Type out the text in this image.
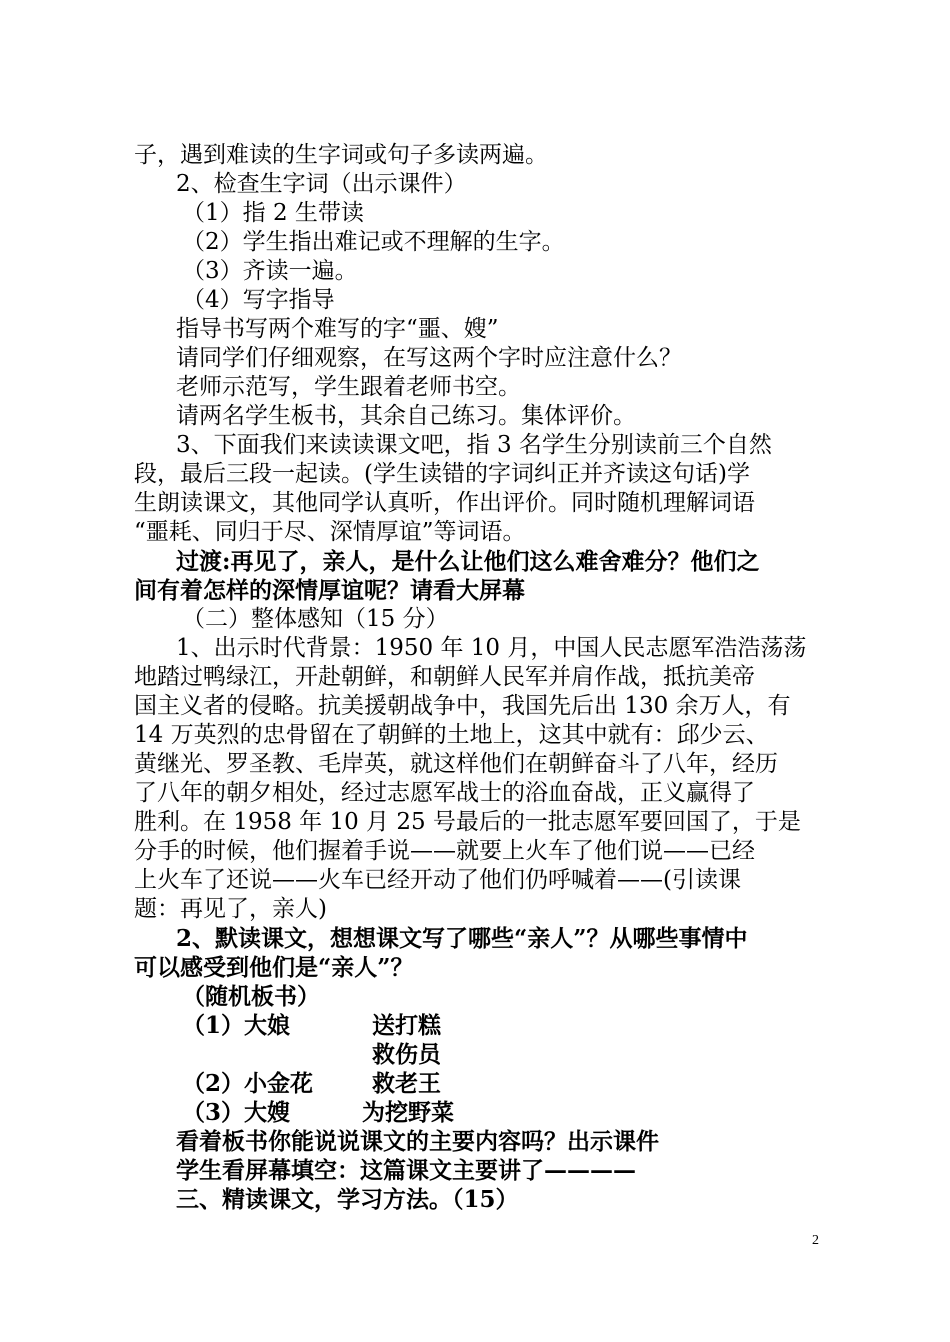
子，遇到难读的生字词或句子多读两遍。
2、检查生字词（出示课件）
（1）指 2 生带读
（2）学生指出难记或不理解的生字。
（3）齐读一遍。
（4）写字指导
指导书写两个难写的字“噩、嫂”
请同学们仔细观察，在写这两个字时应注意什么？
老师示范写，学生跟着老师书空。
请两名学生板书，其余自己练习。集体评价。
3、下面我们来读读课文吧，指 3 名学生分别读前三个自然
段，最后三段一起读。(学生读错的字词纠正并齐读这句话)学
生朗读课文，其他同学认真听，作出评价。同时随机理解词语
“噩耗、同归于尽、深情厚谊”等词语。
过渡:再见了，亲人，是什么让他们这么难舍难分？他们之
间有着怎样的深情厚谊呢？请看大屏幕
（二）整体感知（15 分）
1、出示时代背景：1950 年 10 月，中国人民志愿军浩浩荡荡
地踏过鸭绿江，开赴朝鲜，和朝鲜人民军并肩作战，抵抗美帝
国主义者的侵略。抗美援朝战争中，我国先后出 130 余万人，有
14 万英烈的忠骨留在了朝鲜的土地上，这其中就有：邱少云、
黄继光、罗圣教、毛岸英，就这样他们在朝鲜奋斗了八年，经历
了八年的朝夕相处，经过志愿军战士的浴血奋战，正义赢得了
胜利。在 1958 年 10 月 25 号最后的一批志愿军要回国了，于是
分手的时候，他们握着手说——就要上火车了他们说——已经
上火车了还说——火车已经开动了他们仍呼喊着——(引读课
题：再见了，亲人)
2、默读课文，想想课文写了哪些“亲人”？从哪些事情中
可以感受到他们是“亲人”？
（随机板书）
（1）大娘	送打糕
救伤员
（2）小金花	救老王
（3）大嫂	为挖野菜
看着板书你能说说课文的主要内容吗？出示课件
学生看屏幕填空：这篇课文主要讲了————
三、精读课文，学习方法。（15）
2
